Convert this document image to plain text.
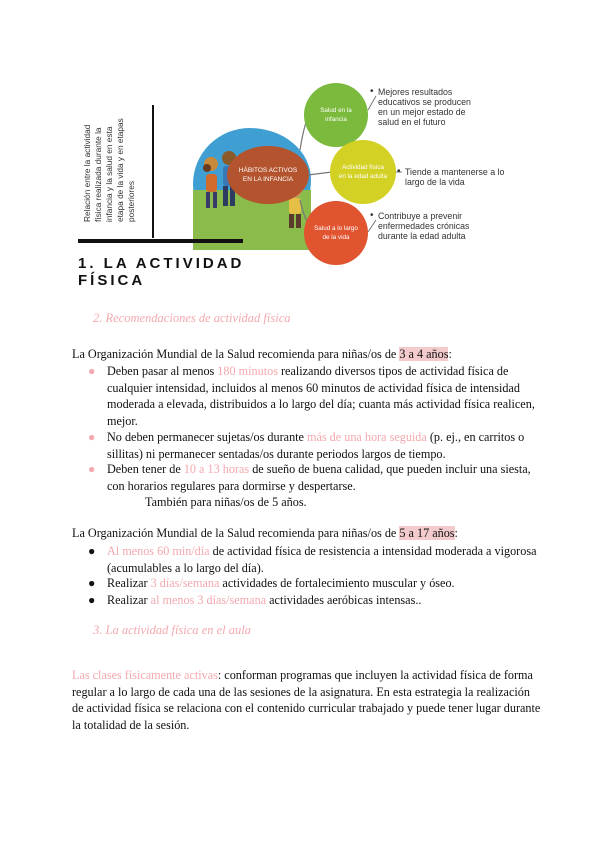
Relación entre la actividad física realizada durante la infancia y la salud en esta etapa de la vida y en etapas posteriores
HÁBITOS ACTIVOS EN LA INFANCIA
Salud en la infancia
Actividad física en la edad adulta
Salud a lo largo de la vida
• Mejores resultados educativos se producen en un mejor estado de salud en el futuro
• Tiende a mantenerse a lo largo de la vida
• Contribuye a prevenir enfermedades crónicas durante la edad adulta
1. LA ACTIVIDAD FÍSICA
2. Recomendaciones de actividad física
La Organización Mundial de la Salud recomienda para niñas/os de 3 a 4 años:
● Deben pasar al menos 180 minutos realizando diversos tipos de actividad física de cualquier intensidad, incluidos al menos 60 minutos de actividad física de intensidad moderada a elevada, distribuidos a lo largo del día; cuanta más actividad física realicen, mejor.
● No deben permanecer sujetas/os durante más de una hora seguida (p. ej., en carritos o sillitas) ni permanecer sentadas/os durante periodos largos de tiempo.
● Deben tener de 10 a 13 horas de sueño de buena calidad, que pueden incluir una siesta, con horarios regulares para dormirse y despertarse.
También para niñas/os de 5 años.
La Organización Mundial de la Salud recomienda para niñas/os de 5 a 17 años:
● Al menos 60 min/día de actividad física de resistencia a intensidad moderada a vigorosa (acumulables a lo largo del día).
● Realizar 3 días/semana actividades de fortalecimiento muscular y óseo.
● Realizar al menos 3 días/semana actividades aeróbicas intensas..
3. La actividad física en el aula
Las clases físicamente activas: conforman programas que incluyen la actividad física de forma regular a lo largo de cada una de las sesiones de la asignatura. En esta estrategia la realización de actividad física se relaciona con el contenido curricular trabajado y puede tener lugar durante la totalidad de la sesión.
